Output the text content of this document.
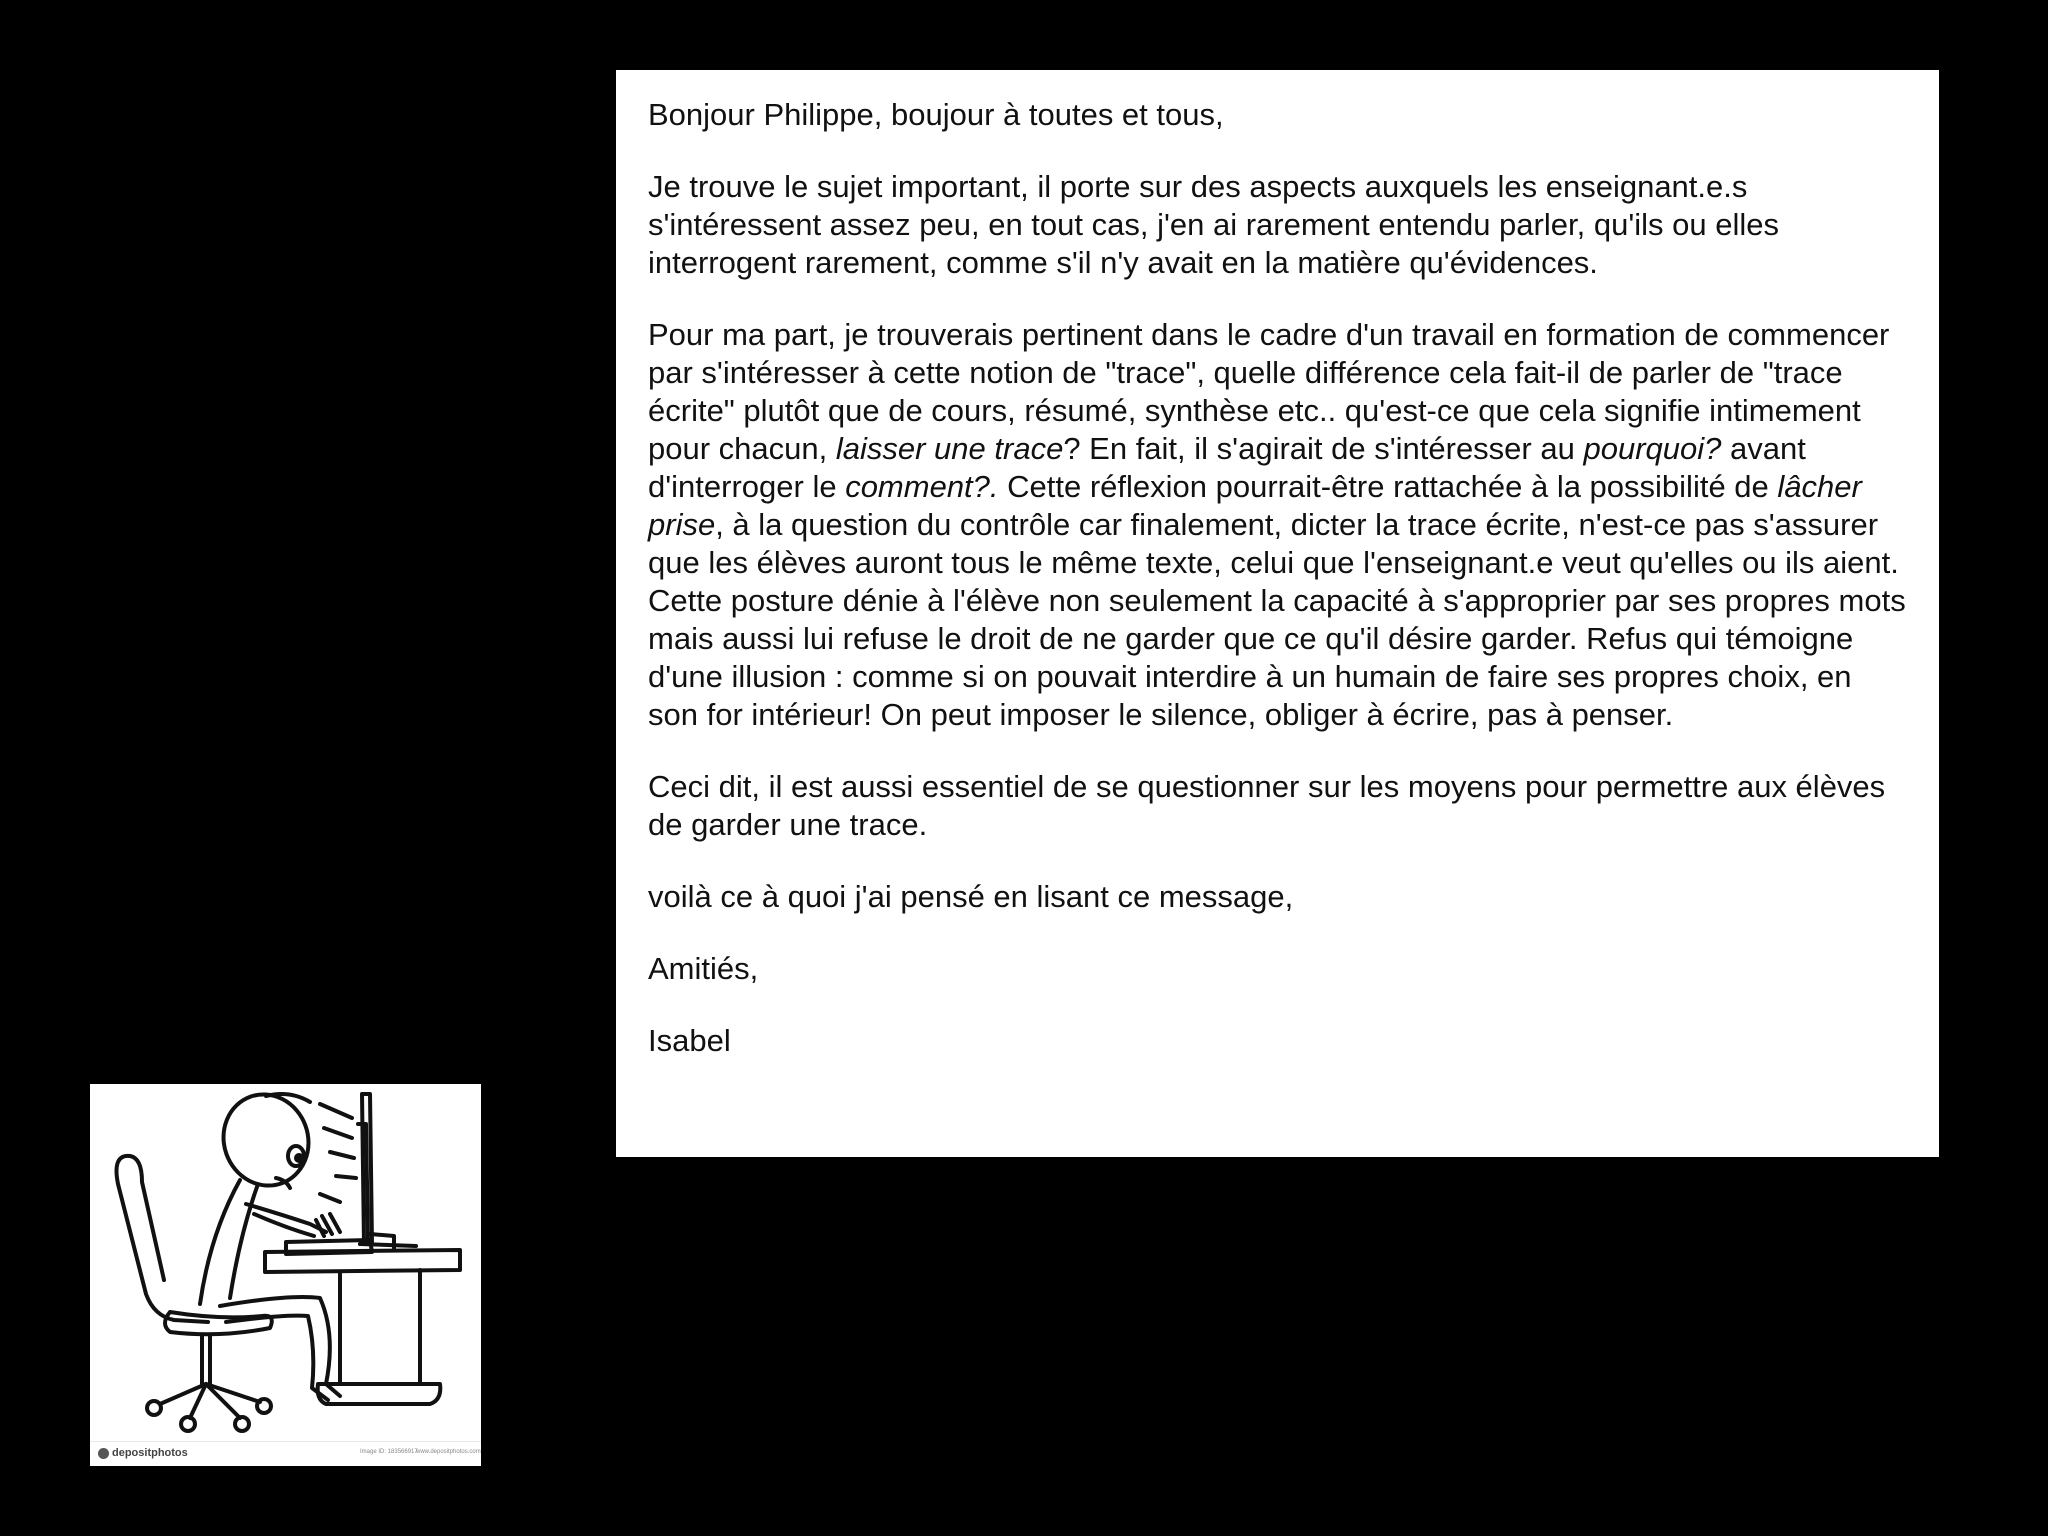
Bonjour Philippe, boujour à toutes et tous,

Je trouve le sujet important, il porte sur des aspects auxquels les enseignant.e.s s'intéressent assez peu, en tout cas, j'en ai rarement entendu parler, qu'ils ou elles interrogent rarement, comme s'il n'y avait en la matière qu'évidences.

Pour ma part, je trouverais pertinent dans le cadre d'un travail en formation de commencer par s'intéresser à cette notion de "trace", quelle différence cela fait-il de parler de "trace écrite" plutôt que de cours, résumé, synthèse etc.. qu'est-ce que cela signifie intimement pour chacun, laisser une trace? En fait, il s'agirait de s'intéresser au pourquoi? avant d'interroger le comment?. Cette réflexion pourrait-être rattachée à la possibilité de lâcher prise, à la question du contrôle car finalement, dicter la trace écrite, n'est-ce pas s'assurer que les élèves auront tous le même texte, celui que l'enseignant.e veut qu'elles ou ils aient. Cette posture dénie à l'élève non seulement la capacité à s'approprier par ses propres mots mais aussi lui refuse le droit de ne garder que ce qu'il désire garder. Refus qui témoigne d'une illusion : comme si on pouvait interdire à un humain de faire ses propres choix, en son for intérieur! On peut imposer le silence, obliger à écrire, pas à penser.

Ceci dit, il est aussi essentiel de se questionner sur les moyens pour permettre aux élèves de garder une trace.

voilà ce à quoi j'ai pensé en lisant ce message,

Amitiés,

Isabel

depositphotos	Image ID: 183566917
www.depositphotos.com
